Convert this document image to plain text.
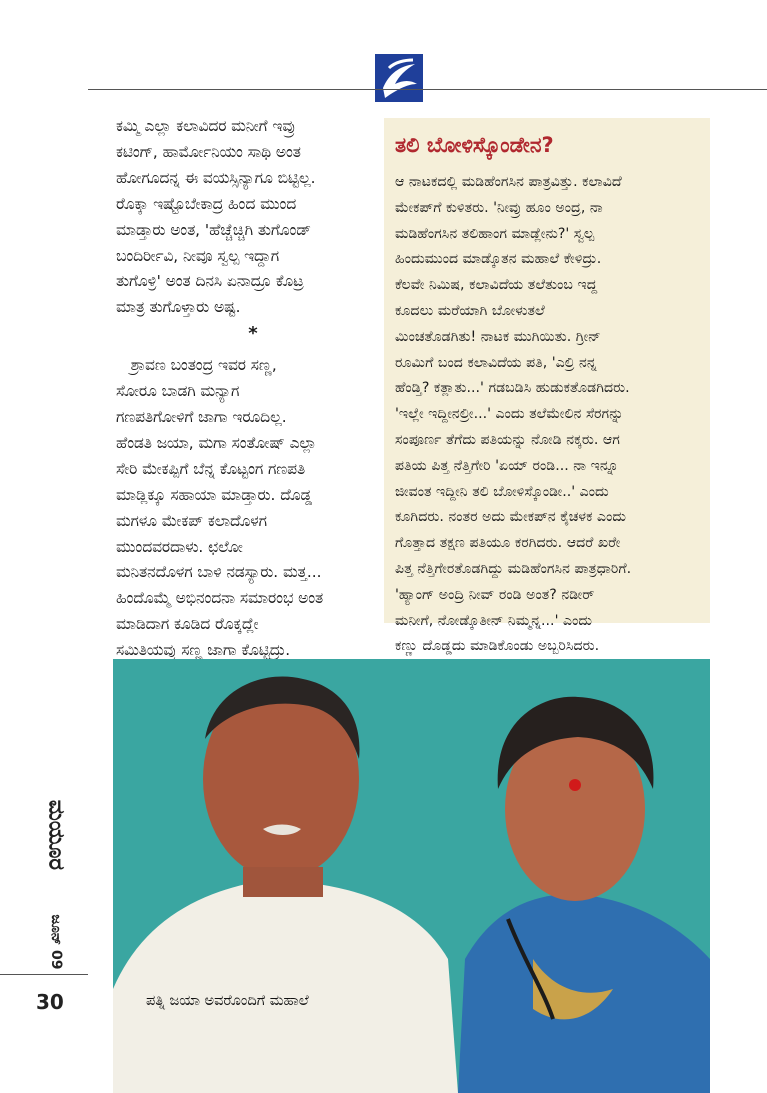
ಕಮ್ಮಿ ಎಲ್ಲಾ ಕಲಾವಿದರ ಮನೀಗೆ ಇವ್ರು
ಕಟಿಂಗ್, ಹಾರ್ಮೋನಿಯಂ ಸಾಥಿ ಅಂತ
ಹೋಗೂದನ್ನ ಈ ವಯಸ್ಸಿನ್ಯಾಗೂ ಬಿಟ್ಟಿಲ್ಲ.
ರೊಕ್ಕಾ ಇಷ್ಟೊಬೇಕಾದ್ರ ಹಿಂದ ಮುಂದ
ಮಾಡ್ತಾರು ಅಂತ, 'ಹೆಚ್ಚೆಚ್ಚಿಗಿ ತುಗೊಂಡ್
ಬಂದಿರ್ರೀವಿ, ನೀವೂ ಸ್ವಲ್ಪ ಇದ್ದಾಗ
ತುಗೊಳ್ರಿ' ಅಂತ ದಿನಸಿ ಏನಾದ್ರೂ ಕೊಟ್ರ
ಮಾತ್ರ ತುಗೊಳ್ತಾರು ಅಷ್ಟ.
*
ಶ್ರಾವಣ ಬಂತಂದ್ರ ಇವರ ಸಣ್ಣ,
ಸೋರೂ ಬಾಡಗಿ ಮನ್ಯಾಗ
ಗಣಪತಿಗೋಳಿಗೆ ಜಾಗಾ ಇರೂದಿಲ್ಲ.
ಹೆಂಡತಿ ಜಯಾ, ಮಗಾ ಸಂತೋಷ್ ಎಲ್ಲಾ
ಸೇರಿ ಮೇಕಪ್ಪಿಗೆ ಬೆನ್ನ ಕೊಟ್ಟಂಗ ಗಣಪತಿ
ಮಾಡ್ಲಿಕ್ಕೂ ಸಹಾಯಾ ಮಾಡ್ತಾರು. ದೊಡ್ಡ
ಮಗಳೂ ಮೇಕಪ್ ಕಲಾದೊಳಗ
ಮುಂದವರದಾಳು. ಛಲೋ
ಮನಿತನದೊಳಗ ಬಾಳಿ ನಡಸ್ಯಾರು. ಮತ್ತ...
ಹಿಂದೊಮ್ಮೆ ಅಭಿನಂದನಾ ಸಮಾರಂಭ ಅಂತ
ಮಾಡಿದಾಗ ಕೂಡಿದ ರೊಕ್ಕದ್ಲೇ
ಸಮಿತಿಯವ್ರು ಸಣ್ಣ ಜಾಗಾ ಕೊಟ್ಟಿದ್ರು.
ತಲಿ ಬೋಳಿಸ್ಕೊಂಡೇನ?
ಆ ನಾಟಕದಲ್ಲಿ ಮಡಿಹೆಂಗಸಿನ ಪಾತ್ರವಿತ್ತು. ಕಲಾವಿದೆ
ಮೇಕಪ್‌ಗೆ ಕುಳಿತರು. 'ನೀವ್ರು ಹೂಂ ಅಂದ್ರ, ನಾ
ಮಡಿಹೆಂಗಸಿನ ತಲಿಹಾಂಗ ಮಾಡ್ಲೇನು?' ಸ್ವಲ್ಪ
ಹಿಂದುಮುಂದ ಮಾಡ್ಕೊತನ ಮಹಾಲೆ ಕೇಳಿದ್ರು.
ಕೆಲವೇ ನಿಮಿಷ, ಕಲಾವಿದೆಯ ತಲೆತುಂಬ ಇದ್ದ
ಕೂದಲು ಮರೆಯಾಗಿ ಬೋಳುತಲೆ
ಮಿಂಚತೊಡಗಿತು! ನಾಟಕ ಮುಗಿಯಿತು. ಗ್ರೀನ್
ರೂಮಿಗೆ ಬಂದ ಕಲಾವಿದೆಯ ಪತಿ, 'ಎಲ್ರಿ ನನ್ನ
ಹೆಂಡ್ತಿ? ಕತ್ಲಾತು...' ಗಡಬಡಿಸಿ ಹುಡುಕತೊಡಗಿದರು.
'ಇಲ್ಲೇ ಇದ್ದೀನಲ್ರೀ...' ಎಂದು ತಲೆಮೇಲಿನ ಸೆರಗನ್ನು
ಸಂಪೂರ್ಣ ತೆಗೆದು ಪತಿಯನ್ನು ನೋಡಿ ನಕ್ಕರು. ಆಗ
ಪತಿಯ ಪಿತ್ತ ನೆತ್ತಿಗೇರಿ 'ಏಯ್ ರಂಡಿ... ನಾ ಇನ್ನೂ
ಜೀವಂತ ಇದ್ದೀನಿ ತಲಿ ಬೋಳಿಸ್ಕೊಂಡೀ..' ಎಂದು
ಕೂಗಿದರು. ನಂತರ ಅದು ಮೇಕಪ್‌ನ ಕೈಚಳಕ ಎಂದು
ಗೊತ್ತಾದ ತಕ್ಷಣ ಪತಿಯೂ ಕರಗಿದರು. ಆದರೆ ಖರೇ
ಪಿತ್ತ ನೆತ್ತಿಗೇರತೊಡಗಿದ್ದು ಮಡಿಹೆಂಗಸಿನ ಪಾತ್ರಧಾರಿಗೆ.
'ಹ್ಯಾಂಗ್ ಅಂದ್ರಿ ನೀವ್ ರಂಡಿ ಅಂತ? ನಡೀರ್
ಮನೀಗೆ, ನೋಡ್ಕೊತೀನ್ ನಿಮ್ಮನ್ನ...' ಎಂದು
ಕಣ್ಣು ದೊಡ್ಡದು ಮಾಡಿಕೊಂಡು ಅಬ್ಬರಿಸಿದರು.
ಮಯೂರ
ಜೂನ್ 09
30	ಪತ್ನಿ ಜಯಾ ಅವರೊಂದಿಗೆ ಮಹಾಲೆ
